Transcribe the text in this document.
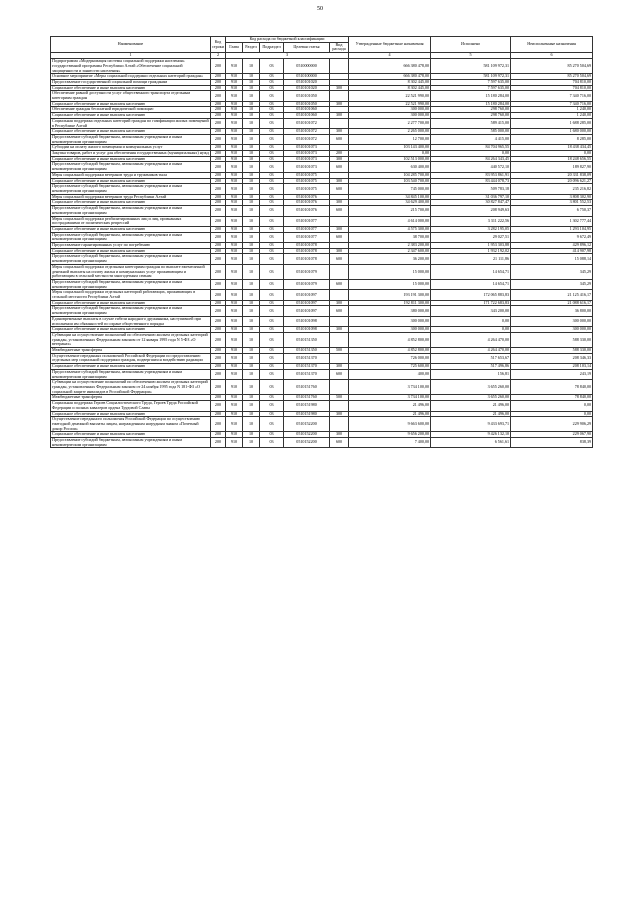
50
Наименование	Код строки	Код расхода по бюджетной классификации					Утвержденные бюджетные назначения	Исполнено	Неисполненные назначения
		Глава	Раздел	Подраздел	Целевая статья	Вид расхода			
1	2	3					4	5	6
Подпрограмма «Модернизация системы социальной поддержки населения» государственной программы Республики Алтай «Обеспечение социальной защищенности и занятости населения»	200	910	10	03	0510000000		666 380 478,00	581 109 972,31	85 270 504,69
Основное мероприятие «Меры социальной поддержки отдельных категорий граждан»	200	910	10	03	0510100000		666 380 478,00	581 109 972,31	85 270 504,69
Предоставление государственной социальной помощи гражданам	200	910	10	03	0510101020		8 302 445,00	7 597 635,00	704 810,00
Социальное обеспечение и иные выплаты населению	200	910	10	03	0510101020	300	8 302 445,00	7 597 635,00	704 810,00
Обеспечение равной доступности услуг общественного транспорта отдельным категориям граждан	200	910	10	03	0510101050		22 521 990,00	15 180 284,00	7 340 716,00
Социальное обеспечение и иные выплаты населению	200	910	10	03	0510101050	300	22 521 990,00	15 180 284,00	7 340 716,00
Обеспечение граждан бесплатной юридической помощью	200	910	10	03	0510101060		300 000,00	298 760,00	1 240,00
Социальное обеспечение и иные выплаты населению	200	910	10	03	0510101060	300	300 000,00	298 760,00	1 240,00
Социальная поддержка отдельных категорий граждан по газификации жилых помещений в Республике Алтай	200	910	10	03	0510101072		2 277 700,00	589 415,00	1 688 285,00
Социальное обеспечение и иные выплаты населению	200	910	10	03	0510101072	300	2 265 000,00	585 000,00	1 680 000,00
Предоставление субсидий бюджетным, автономным учреждениям и иным некоммерческим организациям	200	910	10	03	0510101072	600	12 700,00	4 415,00	8 285,00
Субсидии на оплату жилого помещения и коммунальных услуг	200	910	10	03	0510101073		103 143 400,00	84 704 965,55	18 438 434,45
Закупка товаров, работ и услуг для обеспечения государственных (муниципальных) нужд	200	910	10	03	0510101073	200	0,00	0,00	0,00
Социальное обеспечение и иные выплаты населению	200	910	10	03	0510101073	300	102 513 000,00	84 264 343,45	18 248 656,55
Предоставление субсидий бюджетным, автономным учреждениям и иным некоммерческим организациям	200	910	10	03	0510101073	600	630 400,00	440 572,10	189 827,90
Меры социальной поддержки ветеранов труда и тружеников тыла	200	910	10	03	0510101075		104 285 700,00	83 953 861,91	20 331 838,09
Социальное обеспечение и иные выплаты населению	200	910	10	03	0510101075	300	103 540 700,00	83 444 078,73	20 096 621,27
Предоставление субсидий бюджетным, автономным учреждениям и иным некоммерческим организациям	200	910	10	03	0510101075	600	745 000,00	509 783,18	235 216,82
Меры социальной поддержки ветеранов труда Республики Алтай	200	910	10	03	0510101076		34 845 100,00	31 036 797,10	3 808 302,90
Социальное обеспечение и иные выплаты населению	200	910	10	03	0510101076	300	34 629 400,00	30 827 847,47	3 801 552,53
Предоставление субсидий бюджетным, автономным учреждениям и иным некоммерческим организациям	200	910	10	03	0510101076	600	215 700,00	208 949,63	6 750,37
Меры социальной поддержки реабилитированных лиц и лиц, признанных пострадавшими от политических репрессий	200	910	10	03	0510101077		4 614 000,00	3 311 222,56	1 302 777,44
Социальное обеспечение и иные выплаты населению	200	910	10	03	0510101077	300	4 575 300,00	3 282 195,05	1 293 104,95
Предоставление субсидий бюджетным, автономным учреждениям и иным некоммерческим организациям	200	910	10	03	0510101077	600	38 700,00	29 027,51	9 672,49
Предоставление гарантированных услуг по погребению	200	910	10	03	0510101078		2 383 200,00	1 953 303,88	429 896,12
Социальное обеспечение и иные выплаты населению	200	910	10	03	0510101078	300	2 347 600,00	1 932 192,02	414 907,98
Предоставление субсидий бюджетным, автономным учреждениям и иным некоммерческим организациям	200	910	10	03	0510101078	600	36 200,00	21 111,86	15 088,14
Меры социальной поддержки отдельным категориям граждан по выплате ежемесячной денежной выплаты на оплату жилья и коммунальных услуг проживающим и работающим в сельской местности многодетным семьям	200	910	10	03	0510101079		15 000,00	14 654,71	345,29
Предоставление субсидий бюджетным, автономным учреждениям и иным некоммерческим организациям	200	910	10	03	0510101079	600	15 000,00	14 654,71	345,29
Меры социальной поддержки отдельных категорий работающих, проживающих в сельской местности Республики Алтай	200	910	10	03	0510101097		193 191 300,00	172 065 883,83	21 125 416,17
Социальное обеспечение и иные выплаты населению	200	910	10	03	0510101097	300	192 811 300,00	171 722 683,83	21 088 616,17
Предоставление субсидий бюджетным, автономным учреждениям и иным некоммерческим организациям	200	910	10	03	0510101097	600	380 000,00	343 200,00	36 800,00
Единовременные выплаты в случае гибели народного дружинника, наступившей при исполнении им обязанностей по охране общественного порядка	200	910	10	03	0510101098		300 000,00	0,00	300 000,00
Социальное обеспечение и иные выплаты населению	200	910	10	03	0510101098	300	300 000,00	0,00	300 000,00
Субвенции на осуществление полномочий по обеспечению жильем отдельных категорий граждан, установленных Федеральным законом от 12 января 1995 года N 5-ФЗ «О ветеранах»	200	910	10	03	0510151350		4 852 800,00	4 264 470,00	588 330,00
Межбюджетные трансферты	200	910	10	03	0510151350	500	4 852 800,00	4 264 470,00	588 330,00
Осуществление переданных полномочий Российской Федерации по предоставлению отдельных мер социальной поддержки граждан, подвергшихся воздействию радиации	200	910	10	03	0510151370		726 000,00	517 653,67	208 346,33
Социальное обеспечение и иные выплаты населению	200	910	10	03	0510151370	300	725 600,00	517 496,86	208 103,14
Предоставление субсидий бюджетным, автономным учреждениям и иным некоммерческим организациям	200	910	10	03	0510151370	600	400,00	156,81	243,19
Субвенции на осуществление полномочий по обеспечению жильем отдельных категорий граждан, установленных Федеральным законом от 24 ноября 1995 года N 181-ФЗ «О социальной защите инвалидов в Российской Федерации»	200	910	10	03	0510151760		3 734 100,00	3 655 260,00	78 840,00
Межбюджетные трансферты	200	910	10	03	0510151760	500	3 734 100,00	3 655 260,00	78 840,00
Социальная поддержка Героев Социалистического Труда, Героев Труда Российской Федерации и полных кавалеров ордена Трудовой Славы	200	910	10	03	0510151980		21 496,00	21 496,00	0,00
Социальное обеспечение и иные выплаты населению	200	910	10	03	0510151980	300	21 496,00	21 496,00	0,00
Осуществление переданного полномочия Российской Федерации по осуществлению ежегодной денежной выплаты лицам, награжденным нагрудным знаком «Почетный донор России»	200	910	10	03	0510152200		9 663 600,00	9 433 693,71	229 906,29
Социальное обеспечение и иные выплаты населению	200	910	10	03	0510152200	300	9 656 200,00	9 426 132,10	229 067,90
Предоставление субсидий бюджетным, автономным учреждениям и иным некоммерческим организациям	200	910	10	03	0510152200	600	7 400,00	6 561,61	838,39
